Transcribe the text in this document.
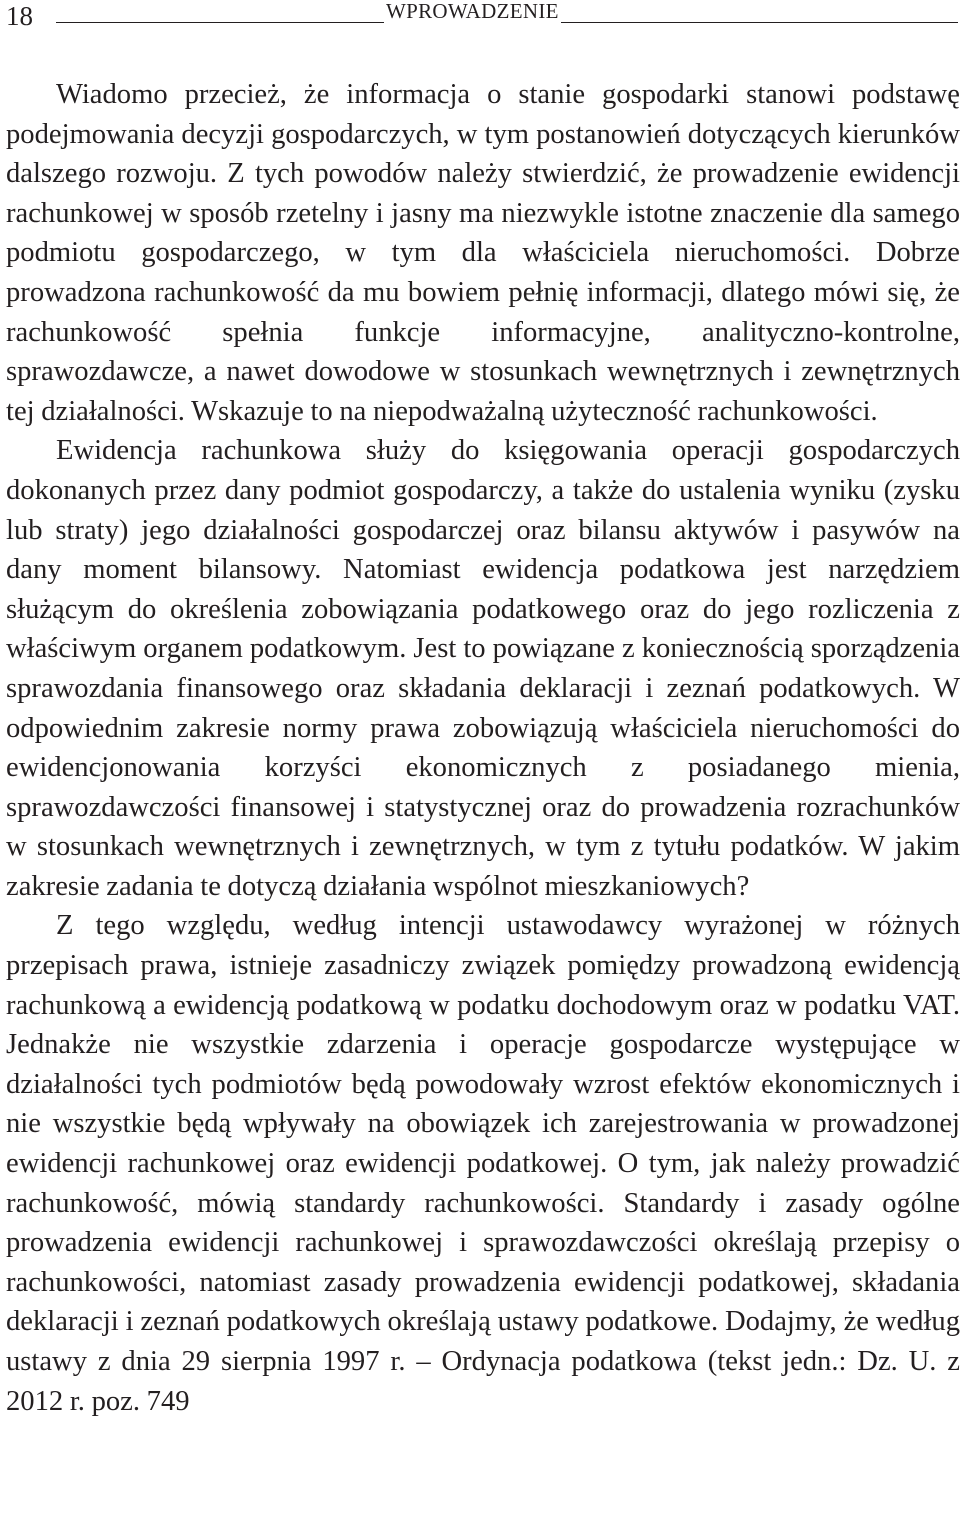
18	WPROWADZENIE

Wiadomo przecież, że informacja o stanie gospodarki stanowi podstawę podejmowania decyzji gospodarczych, w tym postanowień dotyczących kierunków dalszego rozwoju. Z tych powodów należy stwierdzić, że prowadzenie ewidencji rachunkowej w sposób rzetelny i jasny ma niezwykle istotne znaczenie dla samego podmiotu gospodarczego, w tym dla właściciela nieruchomości. Dobrze prowadzona rachunkowość da mu bowiem pełnię informacji, dlatego mówi się, że rachunkowość spełnia funkcje informacyjne, analityczno-kontrolne, sprawozdawcze, a nawet dowodowe w stosunkach wewnętrznych i zewnętrznych tej działalności. Wskazuje to na niepodważalną użyteczność rachunkowości.

Ewidencja rachunkowa służy do księgowania operacji gospodarczych dokonanych przez dany podmiot gospodarczy, a także do ustalenia wyniku (zysku lub straty) jego działalności gospodarczej oraz bilansu aktywów i pasywów na dany moment bilansowy. Natomiast ewidencja podatkowa jest narzędziem służącym do określenia zobowiązania podatkowego oraz do jego rozliczenia z właściwym organem podatkowym. Jest to powiązane z koniecznością sporządzenia sprawozdania finansowego oraz składania deklaracji i zeznań podatkowych. W odpowiednim zakresie normy prawa zobowiązują właściciela nieruchomości do ewidencjonowania korzyści ekonomicznych z posiadanego mienia, sprawozdawczości finansowej i statystycznej oraz do prowadzenia rozrachunków w stosunkach wewnętrznych i zewnętrznych, w tym z tytułu podatków. W jakim zakresie zadania te dotyczą działania wspólnot mieszkaniowych?

Z tego względu, według intencji ustawodawcy wyrażonej w różnych przepisach prawa, istnieje zasadniczy związek pomiędzy prowadzoną ewidencją rachunkową a ewidencją podatkową w podatku dochodowym oraz w podatku VAT. Jednakże nie wszystkie zdarzenia i operacje gospodarcze występujące w działalności tych podmiotów będą powodowały wzrost efektów ekonomicznych i nie wszystkie będą wpływały na obowiązek ich zarejestrowania w prowadzonej ewidencji rachunkowej oraz ewidencji podatkowej. O tym, jak należy prowadzić rachunkowość, mówią standardy rachunkowości. Standardy i zasady ogólne prowadzenia ewidencji rachunkowej i sprawozdawczości określają przepisy o rachunkowości, natomiast zasady prowadzenia ewidencji podatkowej, składania deklaracji i zeznań podatkowych określają ustawy podatkowe. Dodajmy, że według ustawy z dnia 29 sierpnia 1997 r. – Ordynacja podatkowa (tekst jedn.: Dz. U. z 2012 r. poz. 749
